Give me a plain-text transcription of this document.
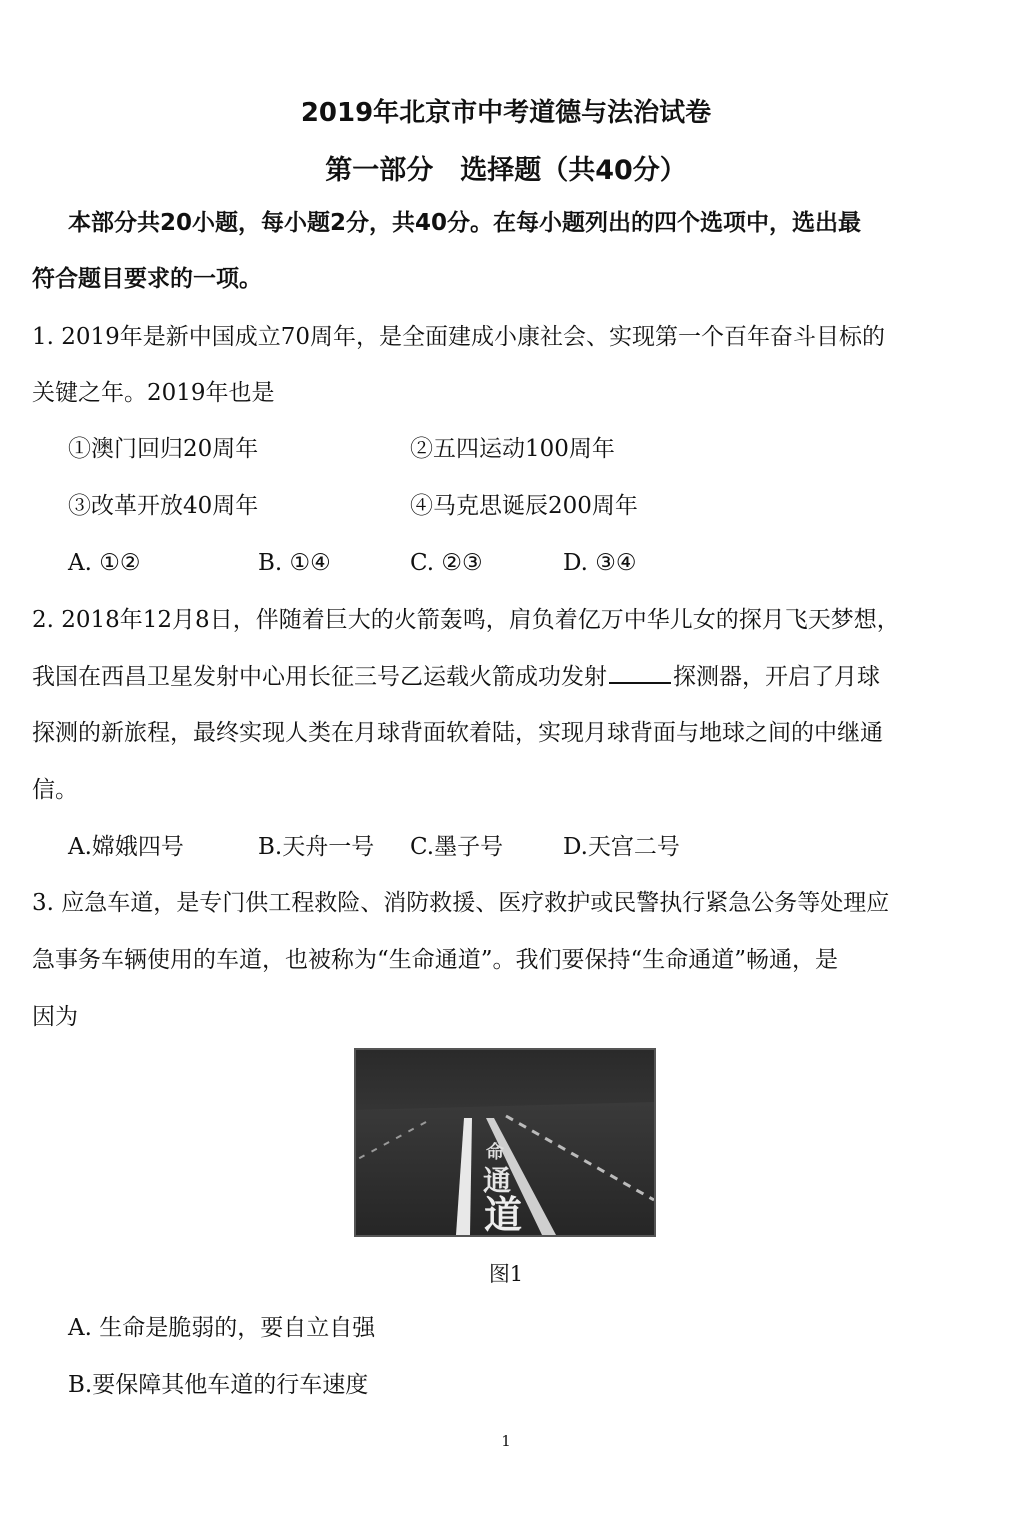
2019年北京市中考道德与法治试卷
第一部分　选择题（共40分）
本部分共20小题，每小题2分，共40分。在每小题列出的四个选项中，选出最
符合题目要求的一项。
1. 2019年是新中国成立70周年，是全面建成小康社会、实现第一个百年奋斗目标的
关键之年。2019年也是
①澳门回归20周年	②五四运动100周年
③改革开放40周年	④马克思诞辰200周年
A. ①②	B. ①④	C. ②③	D. ③④
2. 2018年12月8日，伴随着巨大的火箭轰鸣，肩负着亿万中华儿女的探月飞天梦想，
我国在西昌卫星发射中心用长征三号乙运载火箭成功发射	探测器，开启了月球
探测的新旅程，最终实现人类在月球背面软着陆，实现月球背面与地球之间的中继通
信。
A.嫦娥四号	B.天舟一号 C.墨子号	D.天宫二号
3. 应急车道，是专门供工程救险、消防救援、医疗救护或民警执行紧急公务等处理应
急事务车辆使用的车道，也被称为“生命通道”。我们要保持“生命通道”畅通，是
因为
命
通
道
图1
A. 生命是脆弱的，要自立自强
B.要保障其他车道的行车速度
1
